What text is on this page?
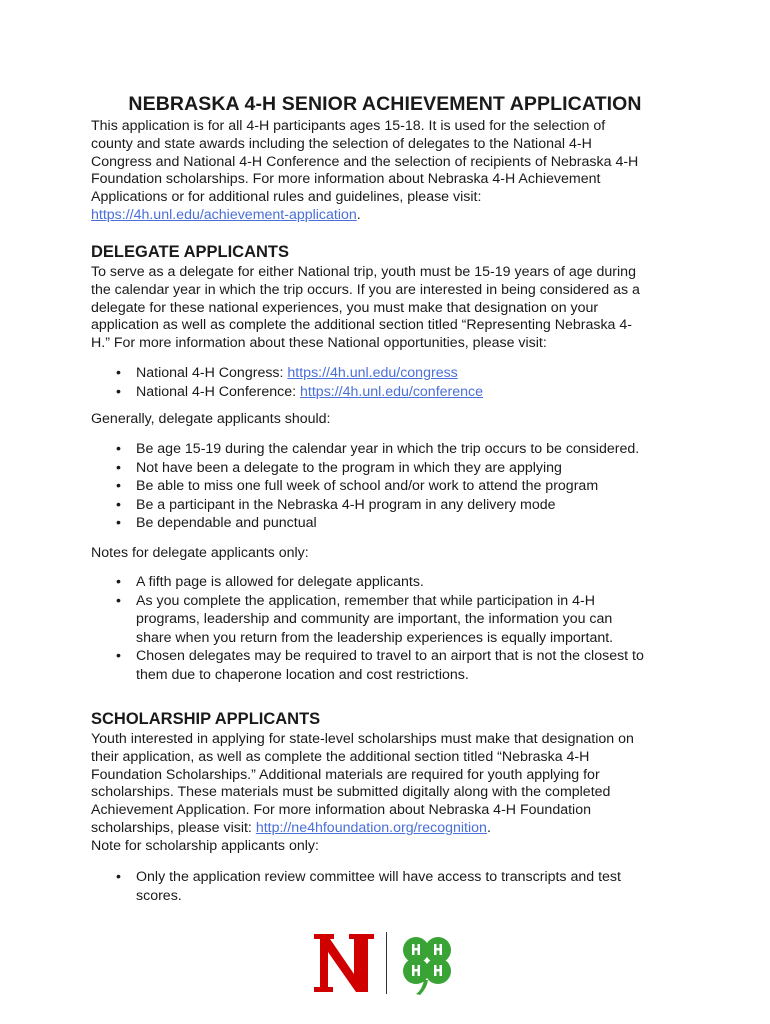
NEBRASKA 4-H SENIOR ACHIEVEMENT APPLICATION
This application is for all 4-H participants ages 15-18. It is used for the selection of
county and state awards including the selection of delegates to the National 4-H
Congress and National 4-H Conference and the selection of recipients of Nebraska 4-H
Foundation scholarships. For more information about Nebraska 4-H Achievement
Applications or for additional rules and guidelines, please visit:
https://4h.unl.edu/achievement-application.
DELEGATE APPLICANTS
To serve as a delegate for either National trip, youth must be 15-19 years of age during
the calendar year in which the trip occurs. If you are interested in being considered as a
delegate for these national experiences, you must make that designation on your
application as well as complete the additional section titled “Representing Nebraska 4-
H.” For more information about these National opportunities, please visit:
• National 4-H Congress: https://4h.unl.edu/congress
• National 4-H Conference: https://4h.unl.edu/conference
Generally, delegate applicants should:
• Be age 15-19 during the calendar year in which the trip occurs to be considered.
• Not have been a delegate to the program in which they are applying
• Be able to miss one full week of school and/or work to attend the program
• Be a participant in the Nebraska 4-H program in any delivery mode
• Be dependable and punctual
Notes for delegate applicants only:
• A fifth page is allowed for delegate applicants.
• As you complete the application, remember that while participation in 4-H
programs, leadership and community are important, the information you can
share when you return from the leadership experiences is equally important.
• Chosen delegates may be required to travel to an airport that is not the closest to
them due to chaperone location and cost restrictions.
SCHOLARSHIP APPLICANTS
Youth interested in applying for state-level scholarships must make that designation on
their application, as well as complete the additional section titled “Nebraska 4-H
Foundation Scholarships.” Additional materials are required for youth applying for
scholarships. These materials must be submitted digitally along with the completed
Achievement Application. For more information about Nebraska 4-H Foundation
scholarships, please visit: http://ne4hfoundation.org/recognition.
Note for scholarship applicants only:
• Only the application review committee will have access to transcripts and test
scores.
